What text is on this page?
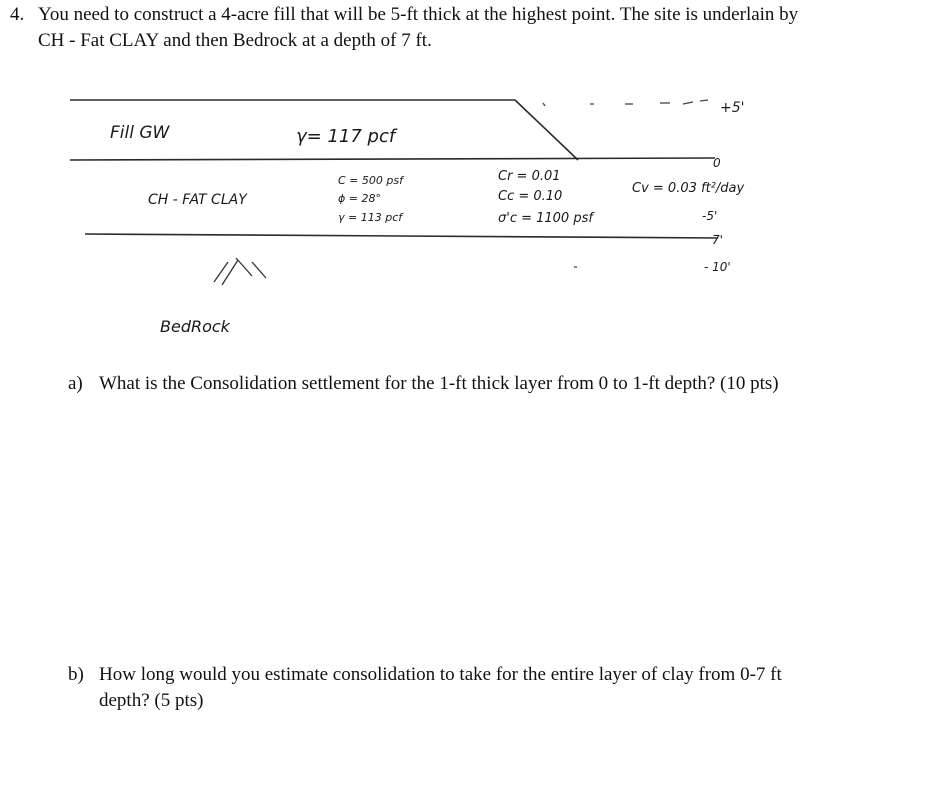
4. You need to construct a 4-acre fill that will be 5-ft thick at the highest point. The site is underlain by CH - Fat CLAY and then Bedrock at a depth of 7 ft.
Fill GW	γ= 117 pcf
+5'
CH - FAT CLAY
C = 500 psf
ϕ = 28°
γ = 113 pcf
Cr = 0.01
Cc = 0.10
σ'c = 1100 psf
Cv = 0.03 ft²/day
0
-5'
7'
- 10'
BedRock
a) What is the Consolidation settlement for the 1-ft thick layer from 0 to 1-ft depth? (10 pts)
b) How long would you estimate consolidation to take for the entire layer of clay from 0-7 ft depth? (5 pts)
